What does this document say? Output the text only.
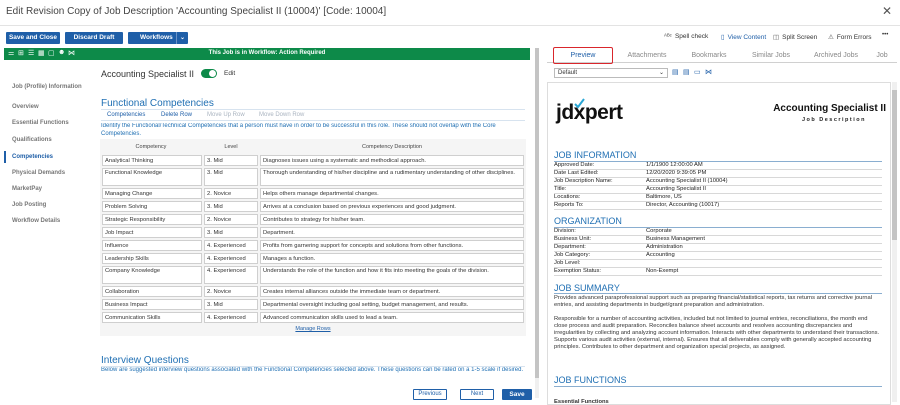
Edit Revision Copy of Job Description 'Accounting Specialist II (10004)' [Code: 10004]	✕
Save and Close	Discard Draft	Workflows	⌄	ᴬᴮᶜ Spell check ▯ View Content ◫ Split Screen ⚠ Form Errors •••
⚌ ⊞ ☰ ▦ ▢ ☻ ⋈	This Job is in Workflow: Action Required
Job (Profile) Information
Overview
Essential Functions
Qualifications
Competencies
Physical Demands
MarketPay
Job Posting
Workflow Details
Accounting Specialist II	Edit
Functional Competencies
Competencies	Delete Row Move Up Row Move Down Row
Identify the Functional/Technical Competencies that a person must have in order to be successful in this role. These should not overlap with the Core Competencies.
Competency	Level	Competency Description
Analytical Thinking	3. Mid	Diagnoses issues using a systematic and methodical approach.
Functional Knowledge	3. Mid	Thorough understanding of his/her discipline and a rudimentary understanding of other disciplines.
Managing Change	2. Novice	Helps others manage departmental changes.
Problem Solving	3. Mid	Arrives at a conclusion based on previous experiences and good judgment.
Strategic Responsibility	2. Novice	Contributes to strategy for his/her team.
Job Impact	3. Mid	Department.
Influence	4. Experienced	Profits from garnering support for concepts and solutions from other functions.
Leadership Skills	4. Experienced	Manages a function.
Company Knowledge	4. Experienced	Understands the role of the function and how it fits into meeting the goals of the division.
Collaboration	2. Novice	Creates internal alliances outside the immediate team or department.
Business Impact	3. Mid	Departmental oversight including goal setting, budget management, and results.
Communication Skills	4. Experienced	Advanced communication skills used to lead a team.
Manage Rows
Interview Questions
Below are suggested interview questions associated with the Functional Competencies selected above. These questions can be rated on a 1-5 scale if desired.
Previous	Next	Save
Preview	Attachments	Bookmarks	Similar Jobs	Archived Jobs	Job
Default	⌄ ▤ ▤ ▭ ⋈
jdxpert	Accounting Specialist II
Job Description
JOB INFORMATION
Approved Date:	1/1/1900 12:00:00 AM
Date Last Edited:	12/20/2020 9:39:05 PM
Job Description Name:	Accounting Specialist II (10004)
Title:	Accounting Specialist II
Locations:	Baltimore, US
Reports To:	Director, Accounting (10017)
ORGANIZATION
Division:	Corporate
Business Unit:	Business Management
Department:	Administration
Job Category:	Accounting
Job Level:
Exemption Status:	Non-Exempt
JOB SUMMARY
Provides advanced paraprofessional support such as preparing financial/statistical reports, tax returns and corrective journal entries, and assisting departments in budget/grant preparation and administration.
Responsible for a number of accounting activities, included but not limited to journal entries, reconciliations, the month end close process and audit preparation. Reconciles balance sheet accounts and resolves accounting discrepancies and irregularities by collecting and analyzing account information. Interacts with other departments to understand their transactions. Supports various audit activities (external, internal). Ensures that all deliverables comply with generally accepted accounting principles. Contributes to other department and organization special projects, as assigned.
JOB FUNCTIONS
Essential Functions
